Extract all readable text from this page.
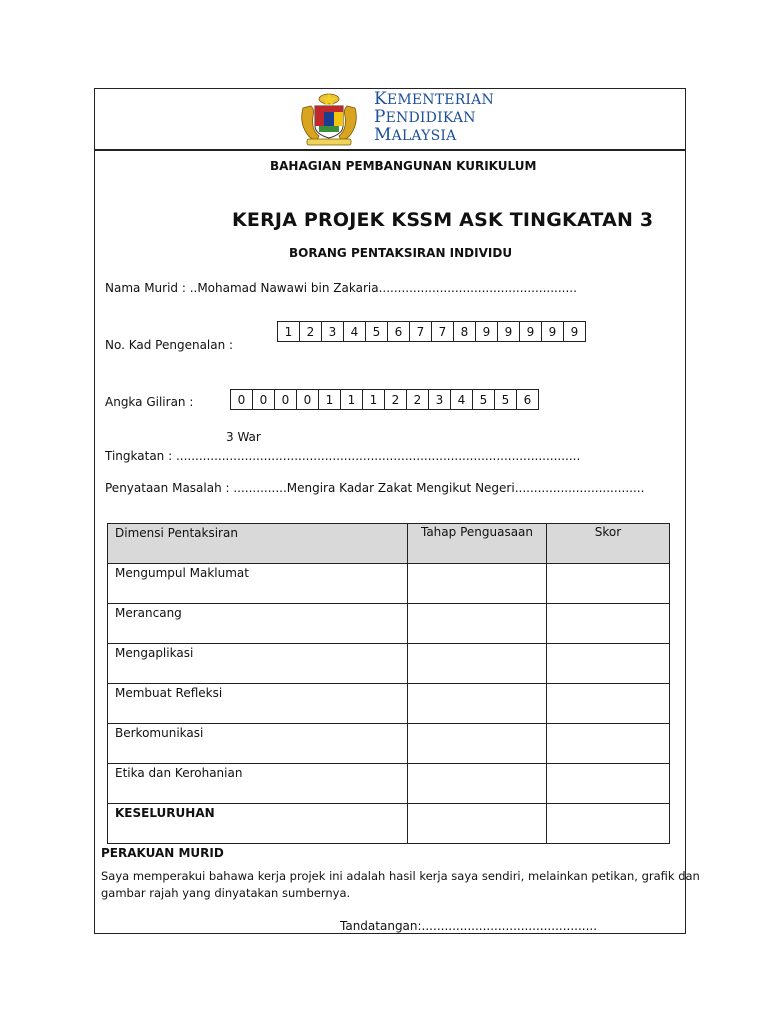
KEMENTERIAN
PENDIDIKAN
MALAYSIA
BAHAGIAN PEMBANGUNAN KURIKULUM
KERJA PROJEK KSSM ASK TINGKATAN 3
BORANG PENTAKSIRAN INDIVIDU
Nama Murid : ..Mohamad Nawawi bin Zakaria....................................................
No. Kad Pengenalan :
1	2	3	4	5	6	7	7	8	9	9	9	9	9
Angka Giliran :	0	0	0	0	1	1	1	2	2	3	4	5	5	6
3 War
Tingkatan : ..........................................................................................................
Penyataan Masalah : ..............Mengira Kadar Zakat Mengikut Negeri..................................
Dimensi Pentaksiran	Tahap Penguasaan	Skor
Mengumpul Maklumat		
Merancang		
Mengaplikasi		
Membuat Refleksi		
Berkomunikasi		
Etika dan Kerohanian		
KESELURUHAN		
PERAKUAN MURID
Saya memperakui bahawa kerja projek ini adalah hasil kerja saya sendiri, melainkan petikan, grafik dan
gambar rajah yang dinyatakan sumbernya.
Tandatangan:..............................................
